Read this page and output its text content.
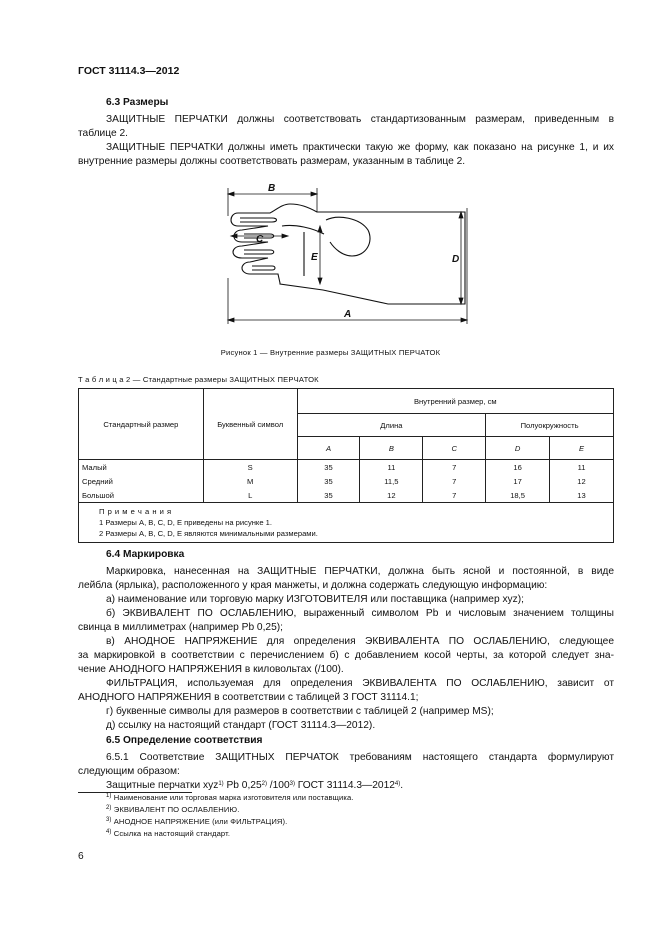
ГОСТ 31114.3—2012
6.3 Размеры
ЗАЩИТНЫЕ ПЕРЧАТКИ должны соответствовать стандартизованным размерам, приведенным в
таблице 2.
ЗАЩИТНЫЕ ПЕРЧАТКИ должны иметь практически такую же форму, как показано на рисунке 1, и их
внутренние размеры должны соответствовать размерам, указанным в таблице 2.
B
C
E	D
A
Рисунок 1 — Внутренние размеры ЗАЩИТНЫХ ПЕРЧАТОК
Т а б л и ц а 2 — Стандартные размеры ЗАЩИТНЫХ ПЕРЧАТОК
Стандартный размер	Буквенный символ	Внутренний размер, см				
		Длина			Полуокружность	
		A	B	C	D	E
Малый	S	35	11	7	16	11
Средний	M	35	11,5	7	17	12
Большой	L	35	12	7	18,5	13

П р и м е ч а н и я
1 Размеры A, B, C, D, E приведены на рисунке 1.
2 Размеры A, B, C, D, E являются минимальными размерами.						
6.4 Маркировка
Маркировка, нанесенная на ЗАЩИТНЫЕ ПЕРЧАТКИ, должна быть ясной и постоянной, в виде
лейбла (ярлыка), расположенного у края манжеты, и должна содержать следующую информацию:
а) наименование или торговую марку ИЗГОТОВИТЕЛЯ или поставщика (например xyz);
б) ЭКВИВАЛЕНТ ПО ОСЛАБЛЕНИЮ, выраженный символом Pb и числовым значением толщины
свинца в миллиметрах (например Pb 0,25);
в) АНОДНОЕ НАПРЯЖЕНИЕ для определения ЭКВИВАЛЕНТА ПО ОСЛАБЛЕНИЮ, следующее
за маркировкой в соответствии с перечислением б) с добавлением косой черты, за которой следует зна-
чение АНОДНОГО НАПРЯЖЕНИЯ в киловольтах (/100).
ФИЛЬТРАЦИЯ, используемая для определения ЭКВИВАЛЕНТА ПО ОСЛАБЛЕНИЮ, зависит от
АНОДНОГО НАПРЯЖЕНИЯ в соответствии с таблицей 3 ГОСТ 31114.1;
г) буквенные символы для размеров в соответствии с таблицей 2 (например MS);
д) ссылку на настоящий стандарт (ГОСТ 31114.3—2012).
6.5 Определение соответствия
6.5.1 Соответствие ЗАЩИТНЫХ ПЕРЧАТОК требованиям настоящего стандарта формулируют
следующим образом:
Защитные перчатки xyz$^{1)}$ Pb 0,25$^{2)}$ /100$^{3)}$ ГОСТ 31114.3—2012$^{4)}$.
$^{1)}$ Наименование или торговая марка изготовителя или поставщика.
$^{2)}$ ЭКВИВАЛЕНТ ПО ОСЛАБЛЕНИЮ.
$^{3)}$ АНОДНОЕ НАПРЯЖЕНИЕ (или ФИЛЬТРАЦИЯ).
$^{4)}$ Ссылка на настоящий стандарт.
6
